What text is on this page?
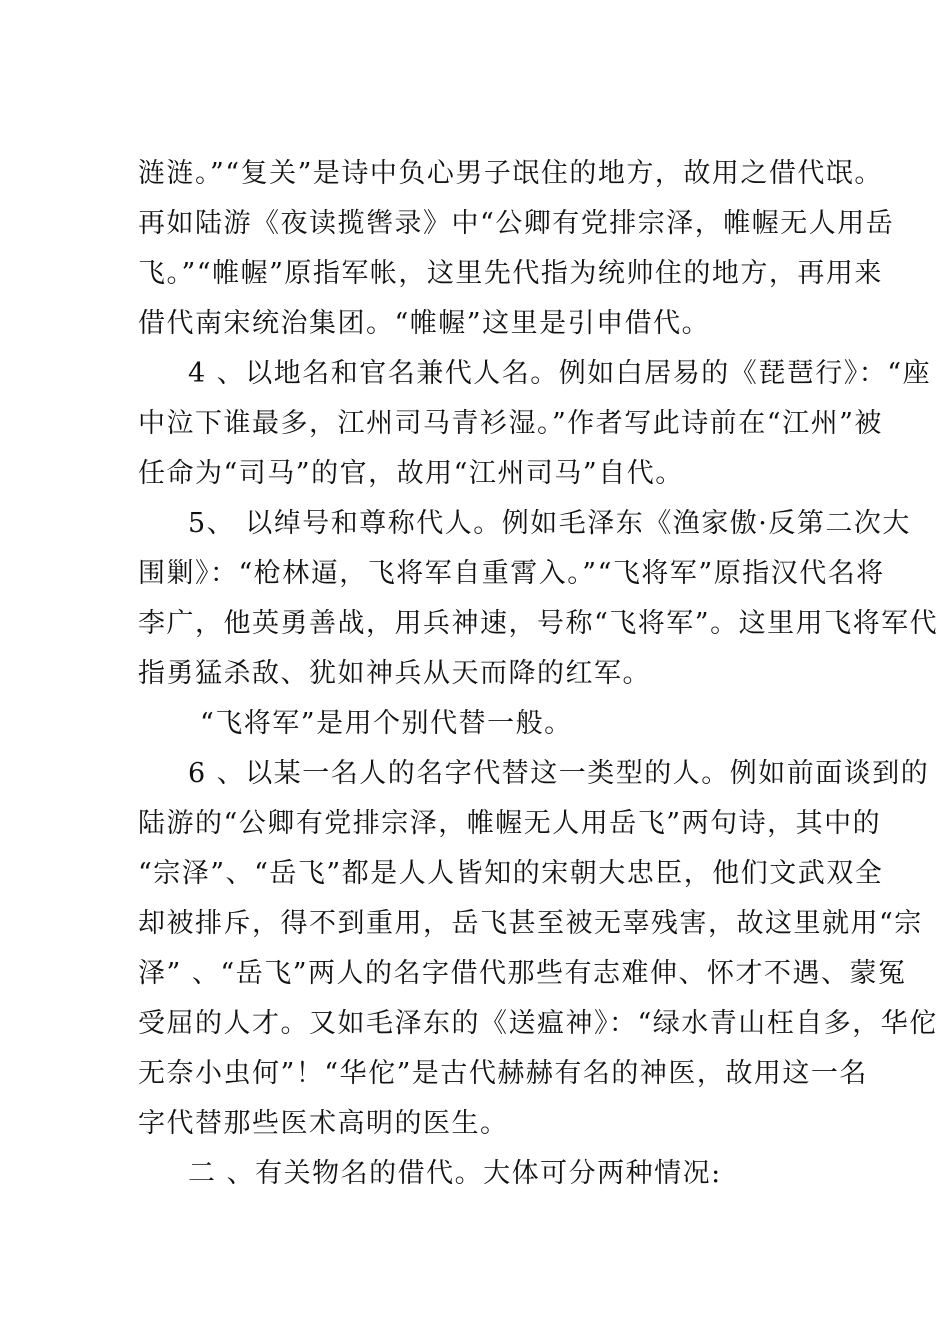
涟涟。”“复关”是诗中负心男子氓住的地方，故用之借代氓。
再如陆游《夜读揽辔录》中“公卿有党排宗泽，帷幄无人用岳
飞。”“帷幄”原指军帐，这里先代指为统帅住的地方，再用来
借代南宋统治集团。“帷幄”这里是引申借代。
4 、以地名和官名兼代人名。例如白居易的《琵琶行》：“座
中泣下谁最多，江州司马青衫湿。”作者写此诗前在“江州”被
任命为“司马”的官，故用“江州司马”自代。
5、 以绰号和尊称代人。例如毛泽东《渔家傲·反第二次大
围剿》：“枪林逼，飞将军自重霄入。”“飞将军”原指汉代名将
李广，他英勇善战，用兵神速，号称“飞将军”。这里用飞将军代
指勇猛杀敌、犹如神兵从天而降的红军。
“飞将军”是用个别代替一般。
6 、以某一名人的名字代替这一类型的人。例如前面谈到的
陆游的“公卿有党排宗泽，帷幄无人用岳飞”两句诗，其中的
“宗泽”、“岳飞”都是人人皆知的宋朝大忠臣，他们文武双全
却被排斥，得不到重用，岳飞甚至被无辜残害，故这里就用“宗
泽” 、“岳飞”两人的名字借代那些有志难伸、怀才不遇、蒙冤
受屈的人才。又如毛泽东的《送瘟神》：“绿水青山枉自多，华佗
无奈小虫何”！“华佗”是古代赫赫有名的神医，故用这一名
字代替那些医术高明的医生。
二 、有关物名的借代。大体可分两种情况:
